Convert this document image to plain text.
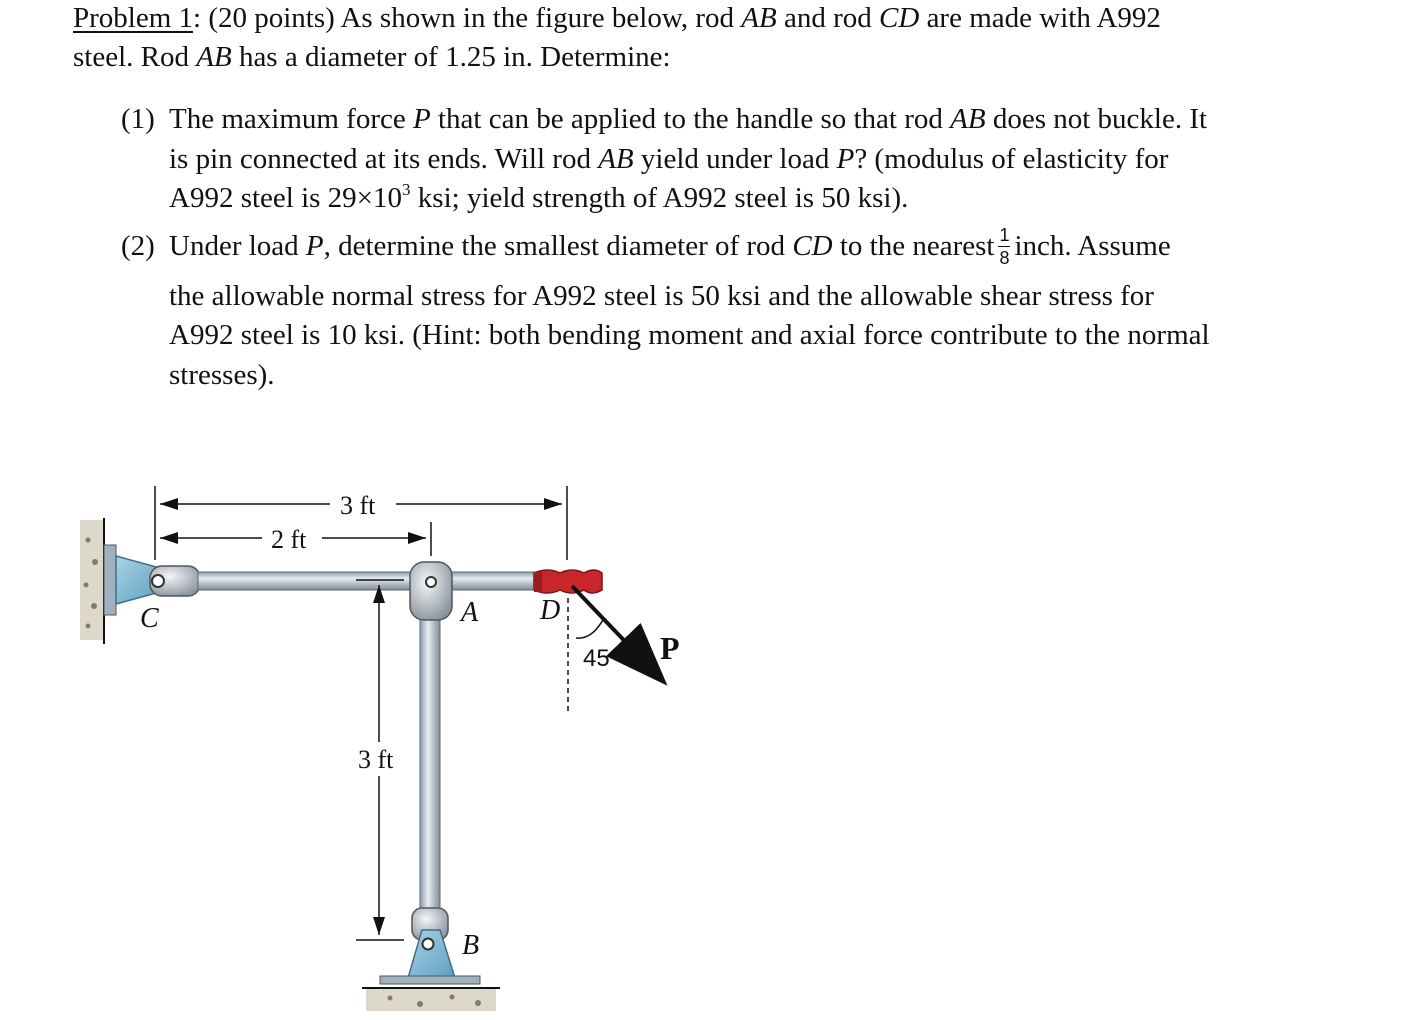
Problem 1: (20 points) As shown in the figure below, rod AB and rod CD are made with A992
steel. Rod AB has a diameter of 1.25 in. Determine:
(1) The maximum force P that can be applied to the handle so that rod AB does not buckle. It
is pin connected at its ends. Will rod AB yield under load P? (modulus of elasticity for
A992 steel is $29\times 10^3$ ksi; yield strength of A992 steel is 50 ksi).
(2) Under load P, determine the smallest diameter of rod CD to the nearest $\frac{1}{8}$ inch. Assume
the allowable normal stress for A992 steel is 50 ksi and the allowable shear stress for
A992 steel is 10 ksi. (Hint: both bending moment and axial force contribute to the normal
stresses).
3 ft
2 ft
3 ft
C	A D
B
45° P
